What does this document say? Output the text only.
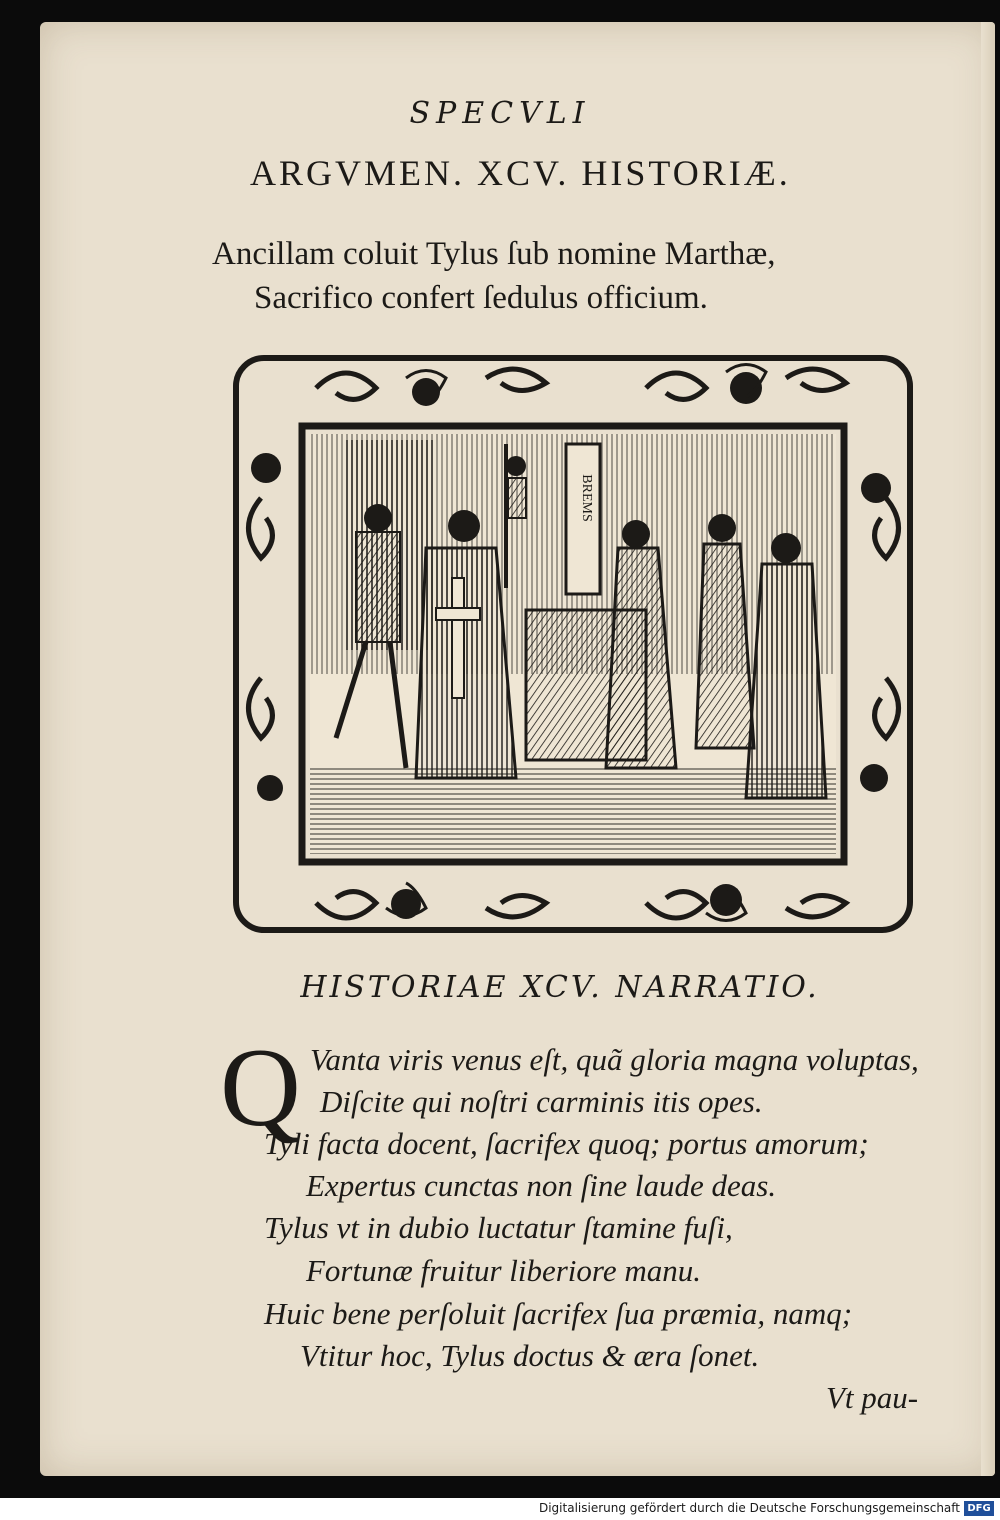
SPECVLI
ARGVMEN. XCV. HISTORIÆ.
Ancillam coluit Tylus ſub nomine Marthæ,
Sacrifico confert ſedulus officium.
BREMS
HISTORIAE XCV. NARRATIO.
Q Vanta viris venus eſt, quã gloria magna voluptas,
Diſcite qui noſtri carminis itis opes.
Tyli facta docent, ſacrifex quoq; portus amorum;
Expertus cunctas non ſine laude deas.
Tylus vt in dubio luctatur ſtamine fuſi,
Fortunæ fruitur liberiore manu.
Huic bene perſoluit ſacrifex ſua præmia, namq;
Vtitur hoc, Tylus doctus & æra ſonet.
Vt pau-
Digitalisierung gefördert durch die Deutsche Forschungsgemeinschaft DFG
